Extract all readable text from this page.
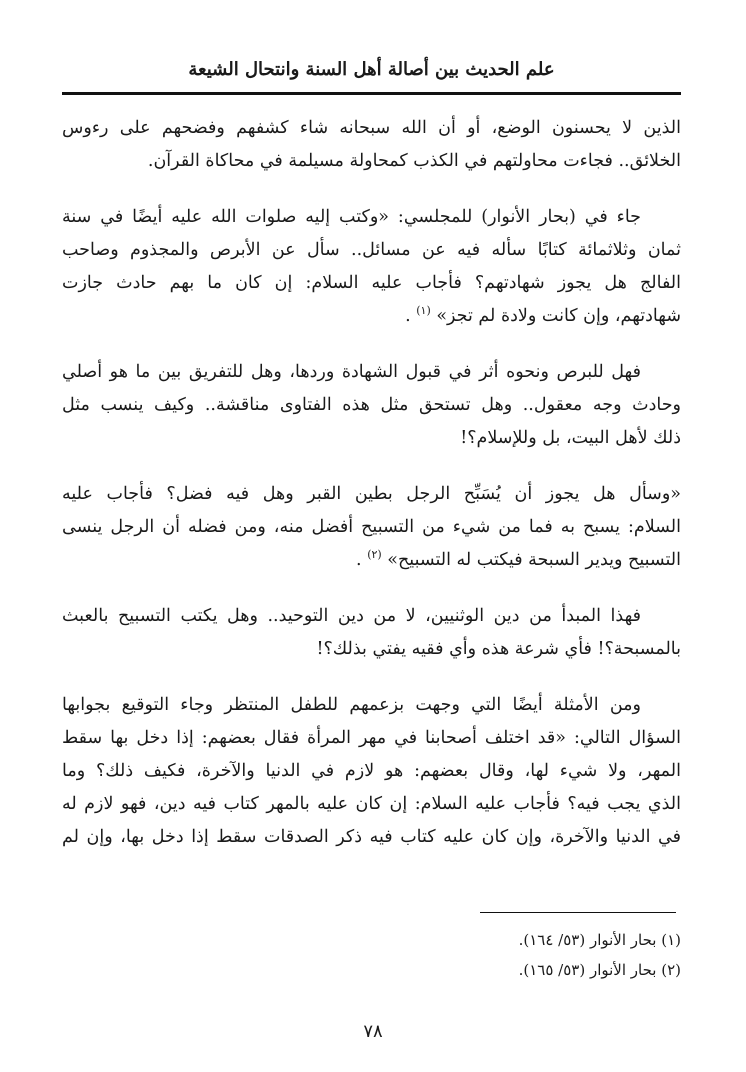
علم الحديث بين أصالة أهل السنة وانتحال الشيعة

الذين لا يحسنون الوضع، أو أن الله سبحانه شاء كشفهم وفضحهم على رءوس
الخلائق.. فجاءت محاولتهم في الكذب كمحاولة مسيلمة في محاكاة القرآن.

جاء في (بحار الأنوار) للمجلسي: «وكتب إليه صلوات الله عليه أيضًا في سنة
ثمان وثلاثمائة كتابًا سأله فيه عن مسائل.. سأل عن الأبرص والمجذوم وصاحب
الفالج هل يجوز شهادتهم؟ فأجاب عليه السلام: إن كان ما بهم حادث جازت
شهادتهم، وإن كانت ولادة لم تجز» $^{(١)}$ .

فهل للبرص ونحوه أثر في قبول الشهادة وردها، وهل للتفريق بين ما هو أصلي
وحادث وجه معقول.. وهل تستحق مثل هذه الفتاوى مناقشة.. وكيف ينسب مثل
ذلك لأهل البيت، بل وللإسلام؟!

«وسأل هل يجوز أن يُسَبِّح الرجل بطين القبر وهل فيه فضل؟ فأجاب عليه
السلام: يسبح به فما من شيء من التسبيح أفضل منه، ومن فضله أن الرجل ينسى
التسبيح ويدير السبحة فيكتب له التسبيح» $^{(٢)}$ .

فهذا المبدأ من دين الوثنيين، لا من دين التوحيد.. وهل يكتب التسبيح بالعبث
بالمسبحة؟! فأي شرعة هذه وأي فقيه يفتي بذلك؟!

ومن الأمثلة أيضًا التي وجهت بزعمهم للطفل المنتظر وجاء التوقيع بجوابها
السؤال التالي: «قد اختلف أصحابنا في مهر المرأة فقال بعضهم: إذا دخل بها سقط
المهر، ولا شيء لها، وقال بعضهم: هو لازم في الدنيا والآخرة، فكيف ذلك؟ وما
الذي يجب فيه؟ فأجاب عليه السلام: إن كان عليه بالمهر كتاب فيه دين، فهو لازم له
في الدنيا والآخرة، وإن كان عليه كتاب فيه ذكر الصدقات سقط إذا دخل بها، وإن لم

(١) بحار الأنوار (٥٣/ ١٦٤).
(٢) بحار الأنوار (٥٣/ ١٦٥).
٧٨
